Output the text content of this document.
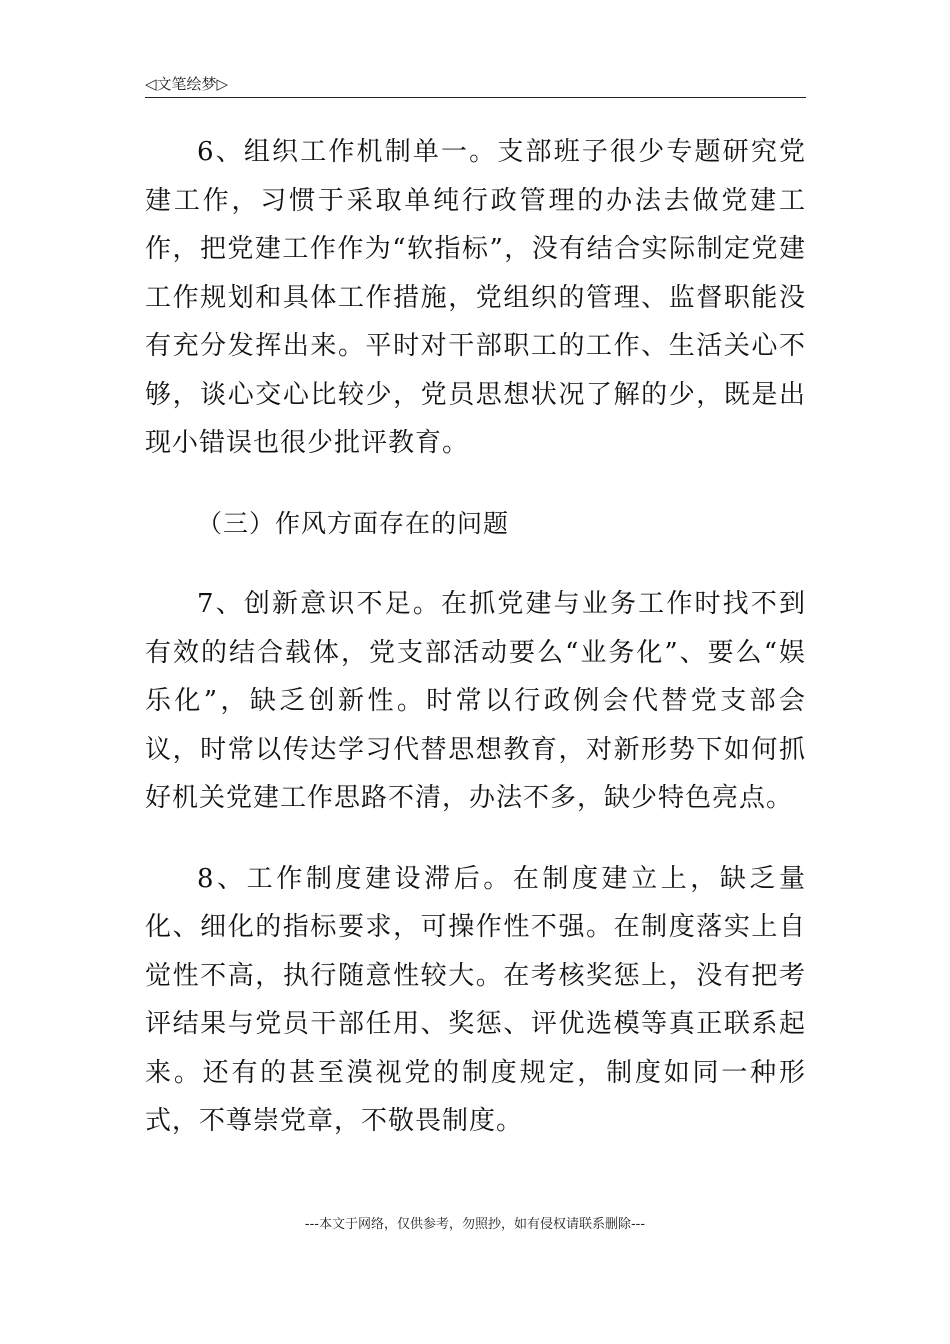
◁文笔绘梦▷

6、组织工作机制单一。支部班子很少专题研究党建工作，习惯于采取单纯行政管理的办法去做党建工作，把党建工作作为“软指标”，没有结合实际制定党建工作规划和具体工作措施，党组织的管理、监督职能没有充分发挥出来。平时对干部职工的工作、生活关心不够，谈心交心比较少，党员思想状况了解的少，既是出现小错误也很少批评教育。

（三）作风方面存在的问题

7、创新意识不足。在抓党建与业务工作时找不到有效的结合载体，党支部活动要么“业务化”、要么“娱乐化”，缺乏创新性。时常以行政例会代替党支部会议，时常以传达学习代替思想教育，对新形势下如何抓好机关党建工作思路不清，办法不多，缺少特色亮点。

8、工作制度建设滞后。在制度建立上，缺乏量化、细化的指标要求，可操作性不强。在制度落实上自觉性不高，执行随意性较大。在考核奖惩上，没有把考评结果与党员干部任用、奖惩、评优选模等真正联系起来。还有的甚至漠视党的制度规定，制度如同一种形式，不尊崇党章，不敬畏制度。

---本文于网络，仅供参考，勿照抄，如有侵权请联系删除---
